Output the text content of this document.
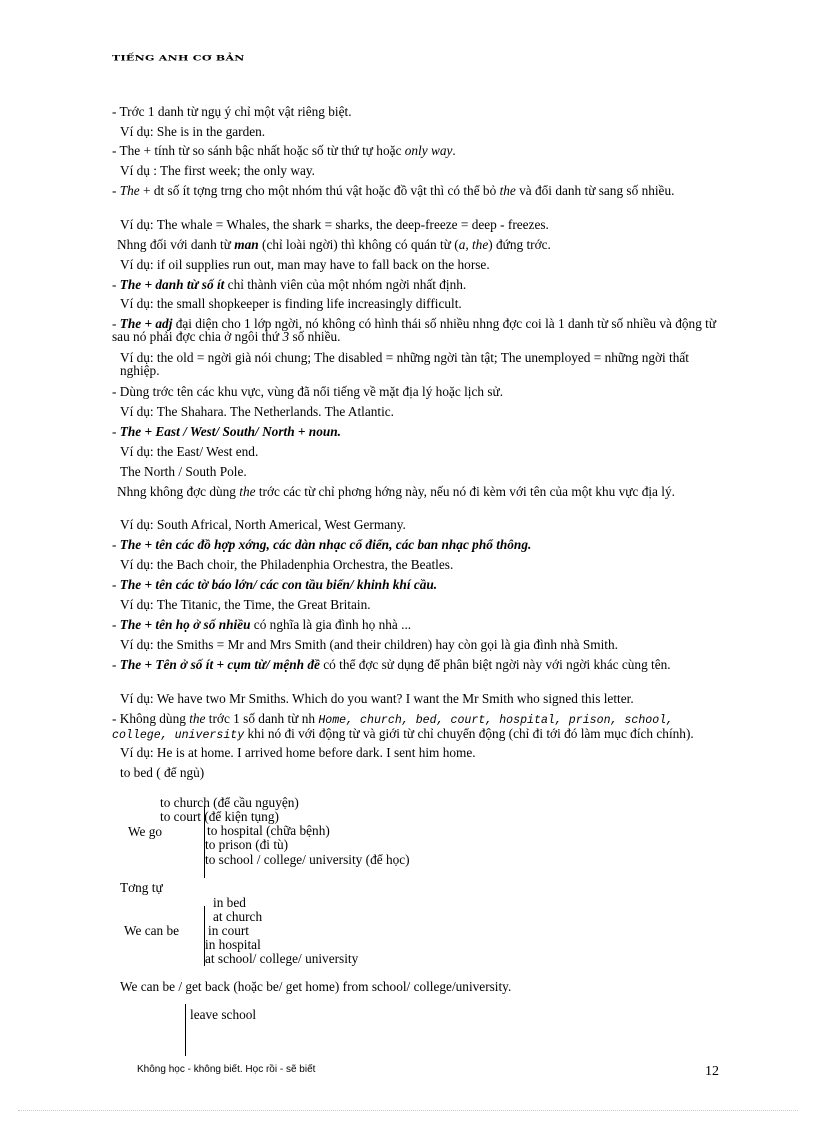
TIẾNG ANH CƠ BẢN
- Trớc 1 danh từ ngụ ý chỉ một vật riêng biệt.
Ví dụ: She is in the garden.
- The + tính từ so sánh bậc nhất hoặc số từ thứ tự hoặc only way.
Ví dụ : The first week; the only way.
- The + dt số ít tợng trng cho một nhóm thú vật hoặc đồ vật thì có thể bỏ the và đổi danh từ sang số nhiều.
Ví dụ: The whale = Whales, the shark = sharks, the deep-freeze = deep - freezes.
Nhng đối với danh từ man (chỉ loài ngời) thì không có quán từ (a, the) đứng trớc.
Ví dụ: if oil supplies run out, man may have to fall back on the horse.
- The + danh từ số ít chỉ thành viên của một nhóm ngời nhất định.
Ví dụ: the small shopkeeper is finding life increasingly difficult.
- The + adj đại diện cho 1 lớp ngời, nó không có hình thái số nhiều nhng đợc coi là 1 danh từ số nhiều và động từ sau nó phải đợc chia ở ngôi thứ 3 số nhiều.
Ví dụ: the old = ngời già nói chung; The disabled = những ngời tàn tật; The unemployed = những ngời thất nghiệp.
- Dùng trớc tên các khu vực, vùng đã nổi tiếng về mặt địa lý hoặc lịch sử.
Ví dụ: The Shahara. The Netherlands. The Atlantic.
- The + East / West/ South/ North + noun.
Ví dụ: the East/ West end.
The North / South Pole.
Nhng không đợc dùng the trớc các từ chỉ phơng hớng này, nếu nó đi kèm với tên của một khu vực địa lý.
Ví dụ: South Africal, North Americal, West Germany.
- The + tên các đồ hợp xớng, các dàn nhạc cổ điển, các ban nhạc phổ thông.
Ví dụ: the Bach choir, the Philadenphia Orchestra, the Beatles.
- The + tên các tờ báo lớn/ các con tầu biển/ khinh khí cầu.
Ví dụ: The Titanic, the Time, the Great Britain.
- The + tên họ ở số nhiều có nghĩa là gia đình họ nhà ...
Ví dụ: the Smiths = Mr and Mrs Smith (and their children) hay còn gọi là gia đình nhà Smith.
- The + Tên ở số ít + cụm từ/ mệnh đề có thể đợc sử dụng để phân biệt ngời này với ngời khác cùng tên.
Ví dụ: We have two Mr Smiths. Which do you want? I want the Mr Smith who signed this letter.
- Không dùng the trớc 1 số danh từ nh Home, church, bed, court, hospital, prison, school, college, university khi nó đi với động từ và giới từ chỉ chuyển động (chỉ đi tới đó làm mục đích chính).
Ví dụ: He is at home. I arrived home before dark. I sent him home.
to bed ( để ngủ)
to church (để cầu nguyện)
to court (để kiện tụng)
We go	to hospital (chữa bệnh)
to prison (đi tù)
to school / college/ university (để học)
Tơng tự
in bed
at church
We can be in court
in hospital
at school/ college/ university
We can be / get back (hoặc be/ get home) from school/ college/university.
leave school
Không học - không biết. Học rồi - sẽ biết	12
